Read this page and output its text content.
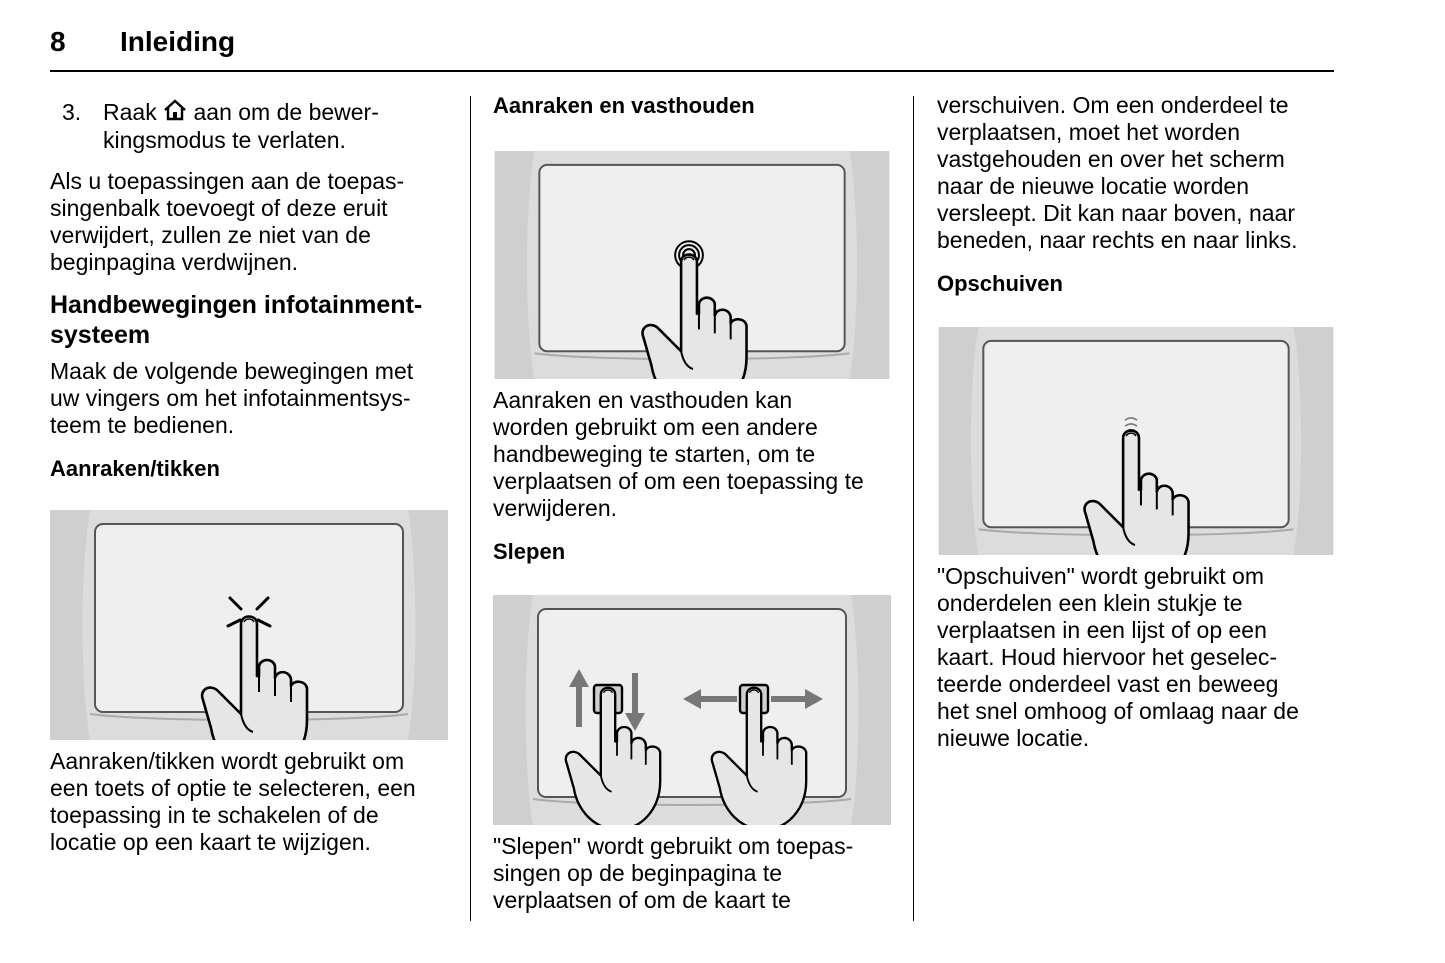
8 Inleiding
3. Raak aan om de bewer-
kingsmodus te verlaten.

Als u toepassingen aan de toepas-
singenbalk toevoegt of deze eruit
verwijdert, zullen ze niet van de
beginpagina verdwijnen.

Handbewegingen infotainment-
systeem

Maak de volgende bewegingen met
uw vingers om het infotainmentsys-
teem te bedienen.

Aanraken/tikken

Aanraken/tikken wordt gebruikt om
een toets of optie te selecteren, een
toepassing in te schakelen of de
locatie op een kaart te wijzigen.

Aanraken en vasthouden

Aanraken en vasthouden kan
worden gebruikt om een andere
handbeweging te starten, om te
verplaatsen of om een toepassing te
verwijderen.

Slepen

"Slepen" wordt gebruikt om toepas-
singen op de beginpagina te
verplaatsen of om de kaart te

verschuiven. Om een onderdeel te
verplaatsen, moet het worden
vastgehouden en over het scherm
naar de nieuwe locatie worden
versleept. Dit kan naar boven, naar
beneden, naar rechts en naar links.

Opschuiven

"Opschuiven" wordt gebruikt om
onderdelen een klein stukje te
verplaatsen in een lijst of op een
kaart. Houd hiervoor het geselec-
teerde onderdeel vast en beweeg
het snel omhoog of omlaag naar de
nieuwe locatie.
